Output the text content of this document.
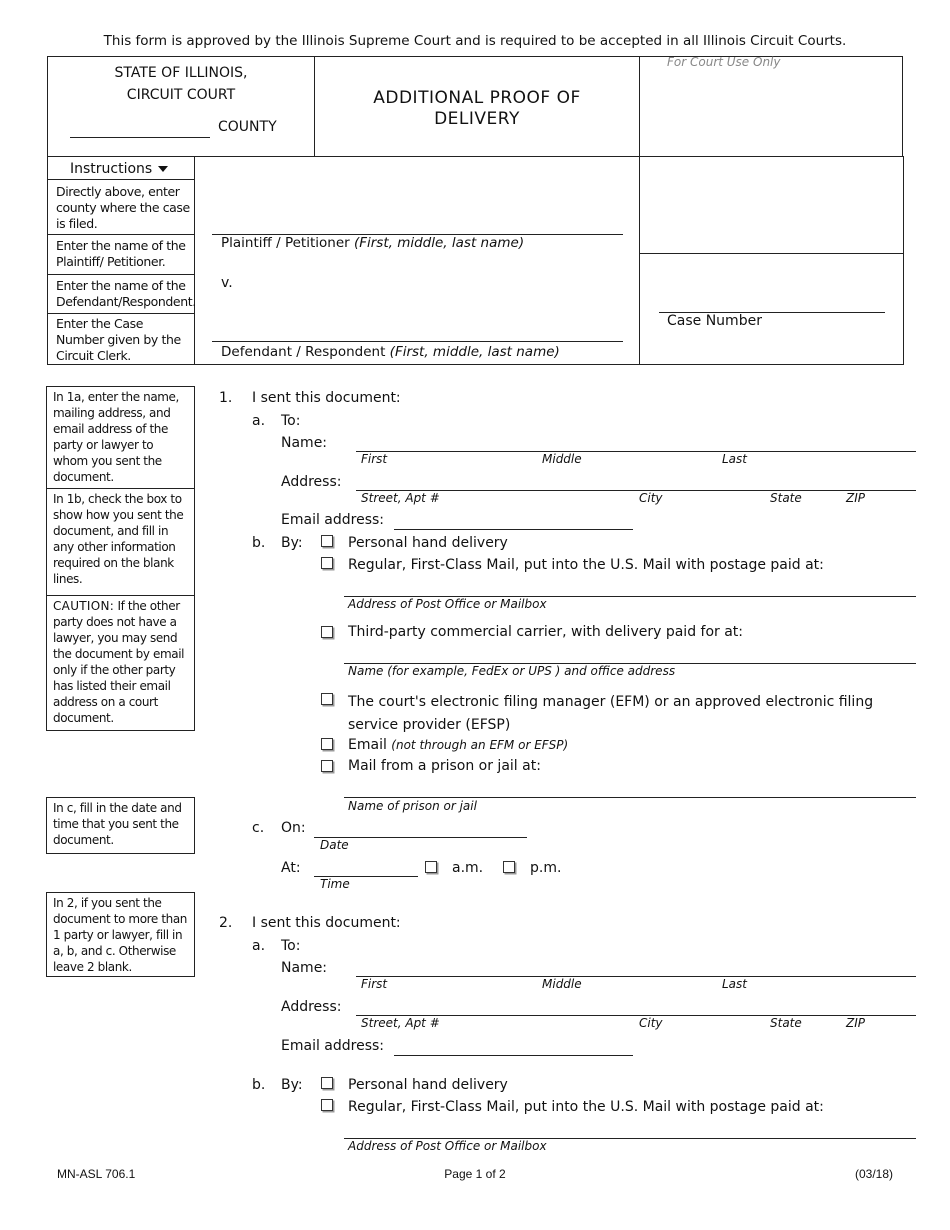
This form is approved by the Illinois Supreme Court and is required to be accepted in all Illinois Circuit Courts.
STATE OF ILLINOIS,
CIRCUIT COURT
COUNTY
ADDITIONAL PROOF OF
DELIVERY
For Court Use Only
Case Number
Instructions
Directly above, enter county where the case is filed.
Enter the name of the Plaintiff/ Petitioner.
Enter the name of the Defendant/Respondent.
Enter the Case Number given by the Circuit Clerk.
Plaintiff / Petitioner (First, middle, last name)
v.
Defendant / Respondent (First, middle, last name)
In 1a, enter the name, mailing address, and email address of the party or lawyer to whom you sent the document.
In 1b, check the box to show how you sent the document, and fill in any other information required on the blank lines.
CAUTION: If the other party does not have a lawyer, you may send the document by email only if the other party has listed their email address on a court document.
In c, fill in the date and time that you sent the document.
In 2, if you sent the document to more than 1 party or lawyer, fill in a, b, and c. Otherwise leave 2 blank.
1. I sent this document:
a. To:
Name:
First	Middle	Last
Address:
Street, Apt #	City	State	ZIP
Email address:
b. By:	Personal hand delivery
Regular, First-Class Mail, put into the U.S. Mail with postage paid at:
Address of Post Office or Mailbox
Third-party commercial carrier, with delivery paid for at:
Name (for example, FedEx or UPS ) and office address
The court's electronic filing manager (EFM) or an approved electronic filing
service provider (EFSP)
Email (not through an EFM or EFSP)
Mail from a prison or jail at:
Name of prison or jail
c. On:
Date
At:
Time
a.m.	p.m.
2. I sent this document:
a. To:
Name:
First	Middle	Last
Address:
Street, Apt #	City	State	ZIP
Email address:
b. By:	Personal hand delivery
Regular, First-Class Mail, put into the U.S. Mail with postage paid at:
Address of Post Office or Mailbox
MN-ASL 706.1	Page 1 of 2	(03/18)
